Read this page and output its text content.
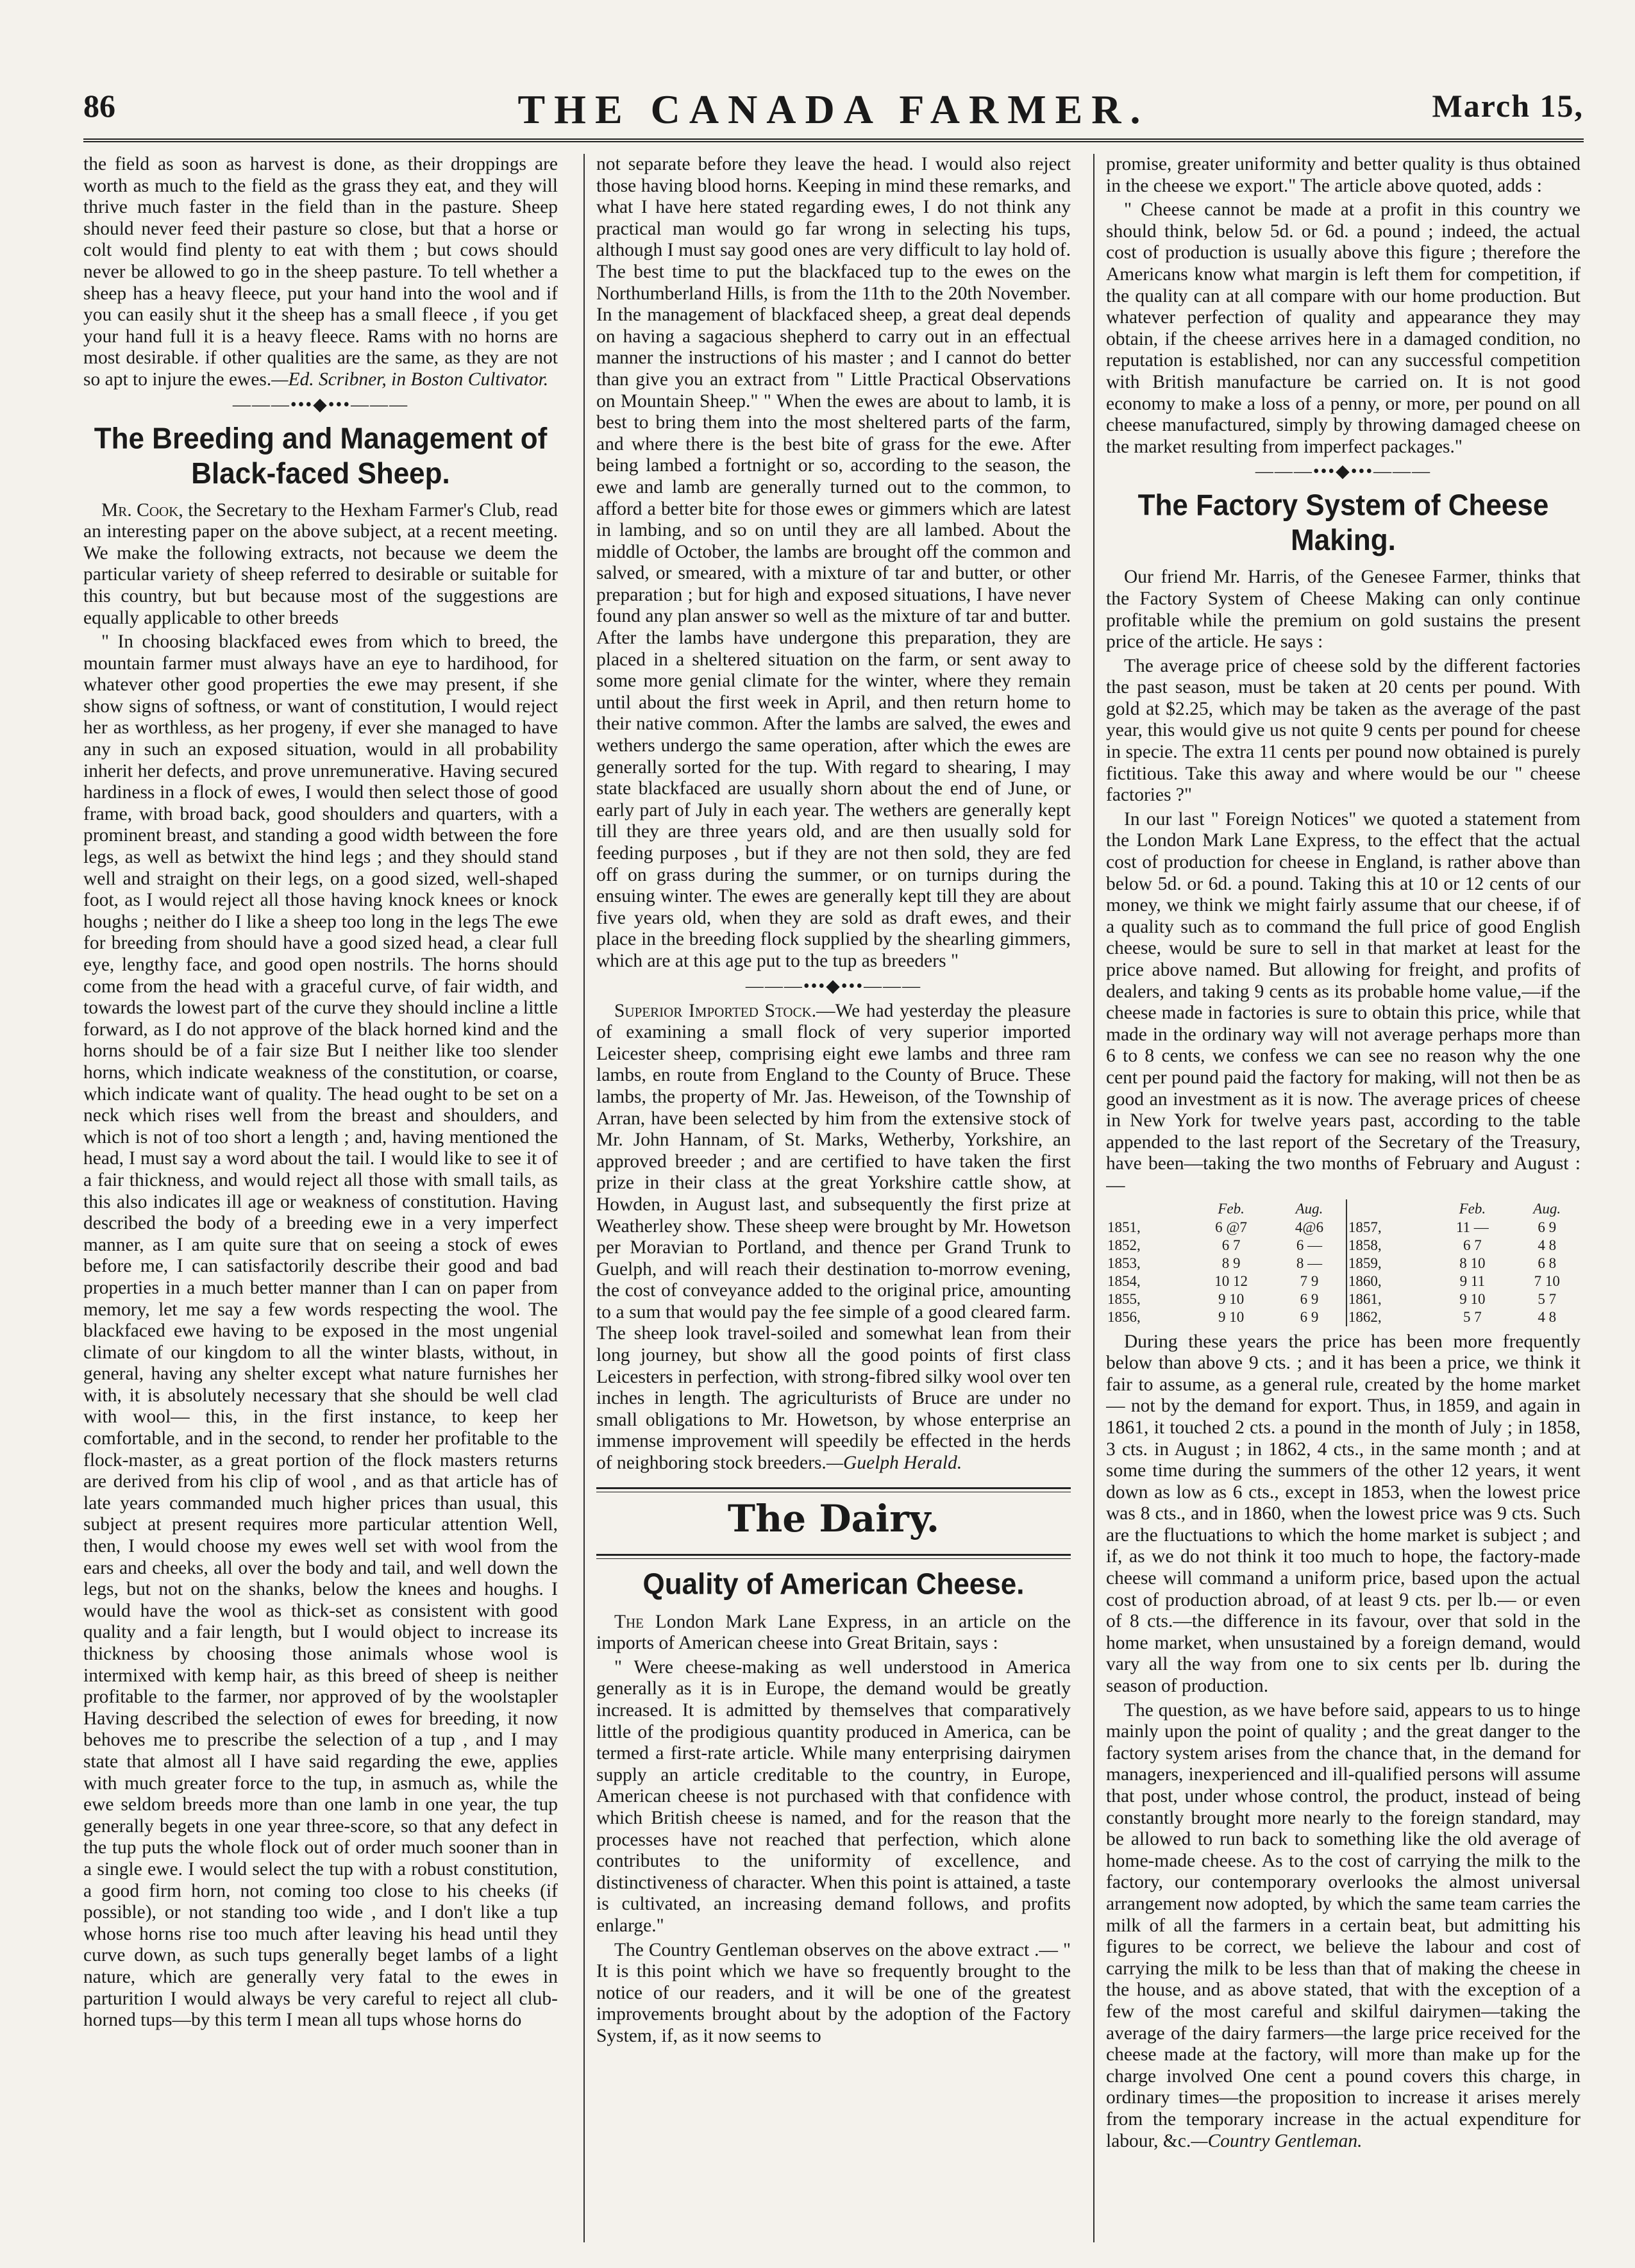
86	THE CANADA FARMER.	March 15,

the field as soon as harvest is done, as their droppings are worth as much to the field as the grass they eat, and they will thrive much faster in the field than in the pasture. Sheep should never feed their pasture so close, but that a horse or colt would find plenty to eat with them ; but cows should never be allowed to go in the sheep pasture. To tell whether a sheep has a heavy fleece, put your hand into the wool and if you can easily shut it the sheep has a small fleece , if you get your hand full it is a heavy fleece. Rams with no horns are most desirable. if other qualities are the same, as they are not so apt to injure the ewes.—Ed. Scribner, in Boston Cultivator.

———•••◆•••———
The Breeding and Management of Black-faced Sheep.

Mr. Cook, the Secretary to the Hexham Farmer's Club, read an interesting paper on the above subject, at a recent meeting. We make the following extracts, not because we deem the particular variety of sheep referred to desirable or suitable for this country, but but because most of the suggestions are equally applicable to other breeds

" In choosing blackfaced ewes from which to breed, the mountain farmer must always have an eye to hardihood, for whatever other good properties the ewe may present, if she show signs of softness, or want of constitution, I would reject her as worthless, as her progeny, if ever she managed to have any in such an exposed situation, would in all probability inherit her defects, and prove unremunerative. Having secured hardiness in a flock of ewes, I would then select those of good frame, with broad back, good shoulders and quarters, with a prominent breast, and standing a good width between the fore legs, as well as betwixt the hind legs ; and they should stand well and straight on their legs, on a good sized, well-shaped foot, as I would reject all those having knock knees or knock houghs ; neither do I like a sheep too long in the legs The ewe for breeding from should have a good sized head, a clear full eye, lengthy face, and good open nostrils. The horns should come from the head with a graceful curve, of fair width, and towards the lowest part of the curve they should incline a little forward, as I do not approve of the black horned kind and the horns should be of a fair size But I neither like too slender horns, which indicate weakness of the constitution, or coarse, which indicate want of quality. The head ought to be set on a neck which rises well from the breast and shoulders, and which is not of too short a length ; and, having mentioned the head, I must say a word about the tail. I would like to see it of a fair thickness, and would reject all those with small tails, as this also indicates ill age or weakness of constitution. Having described the body of a breeding ewe in a very imperfect manner, as I am quite sure that on seeing a stock of ewes before me, I can satisfactorily describe their good and bad properties in a much better manner than I can on paper from memory, let me say a few words respecting the wool. The blackfaced ewe having to be exposed in the most ungenial climate of our kingdom to all the winter blasts, without, in general, having any shelter except what nature furnishes her with, it is absolutely necessary that she should be well clad with wool— this, in the first instance, to keep her comfortable, and in the second, to render her profitable to the flock-master, as a great portion of the flock masters returns are derived from his clip of wool , and as that article has of late years commanded much higher prices than usual, this subject at present requires more particular attention Well, then, I would choose my ewes well set with wool from the ears and cheeks, all over the body and tail, and well down the legs, but not on the shanks, below the knees and houghs. I would have the wool as thick-set as consistent with good quality and a fair length, but I would object to increase its thickness by choosing those animals whose wool is intermixed with kemp hair, as this breed of sheep is neither profitable to the farmer, nor approved of by the woolstapler Having described the selection of ewes for breeding, it now behoves me to prescribe the selection of a tup , and I may state that almost all I have said regarding the ewe, applies with much greater force to the tup, in asmuch as, while the ewe seldom breeds more than one lamb in one year, the tup generally begets in one year three-score, so that any defect in the tup puts the whole flock out of order much sooner than in a single ewe. I would select the tup with a robust constitution, a good firm horn, not coming too close to his cheeks (if possible), or not standing too wide , and I don't like a tup whose horns rise too much after leaving his head until they curve down, as such tups generally beget lambs of a light nature, which are generally very fatal to the ewes in parturition I would always be very careful to reject all club-horned tups—by this term I mean all tups whose horns do

not separate before they leave the head. I would also reject those having blood horns. Keeping in mind these remarks, and what I have here stated regarding ewes, I do not think any practical man would go far wrong in selecting his tups, although I must say good ones are very difficult to lay hold of. The best time to put the blackfaced tup to the ewes on the Northumberland Hills, is from the 11th to the 20th November. In the management of blackfaced sheep, a great deal depends on having a sagacious shepherd to carry out in an effectual manner the instructions of his master ; and I cannot do better than give you an extract from " Little Practical Observations on Mountain Sheep." " When the ewes are about to lamb, it is best to bring them into the most sheltered parts of the farm, and where there is the best bite of grass for the ewe. After being lambed a fortnight or so, according to the season, the ewe and lamb are generally turned out to the common, to afford a better bite for those ewes or gimmers which are latest in lambing, and so on until they are all lambed. About the middle of October, the lambs are brought off the common and salved, or smeared, with a mixture of tar and butter, or other preparation ; but for high and exposed situations, I have never found any plan answer so well as the mixture of tar and butter. After the lambs have undergone this preparation, they are placed in a sheltered situation on the farm, or sent away to some more genial climate for the winter, where they remain until about the first week in April, and then return home to their native common. After the lambs are salved, the ewes and wethers undergo the same operation, after which the ewes are generally sorted for the tup. With regard to shearing, I may state blackfaced are usually shorn about the end of June, or early part of July in each year. The wethers are generally kept till they are three years old, and are then usually sold for feeding purposes , but if they are not then sold, they are fed off on grass during the summer, or on turnips during the ensuing winter. The ewes are generally kept till they are about five years old, when they are sold as draft ewes, and their place in the breeding flock supplied by the shearling gimmers, which are at this age put to the tup as breeders "

———•••◆•••———

Superior Imported Stock.—We had yesterday the pleasure of examining a small flock of very superior imported Leicester sheep, comprising eight ewe lambs and three ram lambs, en route from England to the County of Bruce. These lambs, the property of Mr. Jas. Heweison, of the Township of Arran, have been selected by him from the extensive stock of Mr. John Hannam, of St. Marks, Wetherby, Yorkshire, an approved breeder ; and are certified to have taken the first prize in their class at the great Yorkshire cattle show, at Howden, in August last, and subsequently the first prize at Weatherley show. These sheep were brought by Mr. Howetson per Moravian to Portland, and thence per Grand Trunk to Guelph, and will reach their destination to-morrow evening, the cost of conveyance added to the original price, amounting to a sum that would pay the fee simple of a good cleared farm. The sheep look travel-soiled and somewhat lean from their long journey, but show all the good points of first class Leicesters in perfection, with strong-fibred silky wool over ten inches in length. The agriculturists of Bruce are under no small obligations to Mr. Howetson, by whose enterprise an immense improvement will speedily be effected in the herds of neighboring stock breeders.—Guelph Herald.

The Dairy.
Quality of American Cheese.

The London Mark Lane Express, in an article on the imports of American cheese into Great Britain, says :

" Were cheese-making as well understood in America generally as it is in Europe, the demand would be greatly increased. It is admitted by themselves that comparatively little of the prodigious quantity produced in America, can be termed a first-rate article. While many enterprising dairymen supply an article creditable to the country, in Europe, American cheese is not purchased with that confidence with which British cheese is named, and for the reason that the processes have not reached that perfection, which alone contributes to the uniformity of excellence, and distinctiveness of character. When this point is attained, a taste is cultivated, an increasing demand follows, and profits enlarge."

The Country Gentleman observes on the above extract .— " It is this point which we have so frequently brought to the notice of our readers, and it will be one of the greatest improvements brought about by the adoption of the Factory System, if, as it now seems to

promise, greater uniformity and better quality is thus obtained in the cheese we export." The article above quoted, adds :

" Cheese cannot be made at a profit in this country we should think, below 5d. or 6d. a pound ; indeed, the actual cost of production is usually above this figure ; therefore the Americans know what margin is left them for competition, if the quality can at all compare with our home production. But whatever perfection of quality and appearance they may obtain, if the cheese arrives here in a damaged condition, no reputation is established, nor can any successful competition with British manufacture be carried on. It is not good economy to make a loss of a penny, or more, per pound on all cheese manufactured, simply by throwing damaged cheese on the market resulting from imperfect packages."

———•••◆•••———
The Factory System of Cheese Making.

Our friend Mr. Harris, of the Genesee Farmer, thinks that the Factory System of Cheese Making can only continue profitable while the premium on gold sustains the present price of the article. He says :

The average price of cheese sold by the different factories the past season, must be taken at 20 cents per pound. With gold at $2.25, which may be taken as the average of the past year, this would give us not quite 9 cents per pound for cheese in specie. The extra 11 cents per pound now obtained is purely fictitious. Take this away and where would be our " cheese factories ?"

In our last " Foreign Notices" we quoted a statement from the London Mark Lane Express, to the effect that the actual cost of production for cheese in England, is rather above than below 5d. or 6d. a pound. Taking this at 10 or 12 cents of our money, we think we might fairly assume that our cheese, if of a quality such as to command the full price of good English cheese, would be sure to sell in that market at least for the price above named. But allowing for freight, and profits of dealers, and taking 9 cents as its probable home value,—if the cheese made in factories is sure to obtain this price, while that made in the ordinary way will not average perhaps more than 6 to 8 cents, we confess we can see no reason why the one cent per pound paid the factory for making, will not then be as good an investment as it is now. The average prices of cheese in New York for twelve years past, according to the table appended to the last report of the Secretary of the Treasury, have been—taking the two months of February and August :—

	Feb.	Aug.		Feb.	Aug.
1851,	6 @7	4@6	1857,	11 —	6 9
1852,	6 7	6 —	1858,	6 7	4 8
1853,	8 9	8 —	1859,	8 10	6 8
1854,	10 12	7 9	1860,	9 11	7 10
1855,	9 10	6 9	1861,	9 10	5 7
1856,	9 10	6 9	1862,	5 7	4 8

During these years the price has been more frequently below than above 9 cts. ; and it has been a price, we think it fair to assume, as a general rule, created by the home market— not by the demand for export. Thus, in 1859, and again in 1861, it touched 2 cts. a pound in the month of July ; in 1858, 3 cts. in August ; in 1862, 4 cts., in the same month ; and at some time during the summers of the other 12 years, it went down as low as 6 cts., except in 1853, when the lowest price was 8 cts., and in 1860, when the lowest price was 9 cts. Such are the fluctuations to which the home market is subject ; and if, as we do not think it too much to hope, the factory-made cheese will command a uniform price, based upon the actual cost of production abroad, of at least 9 cts. per lb.— or even of 8 cts.—the difference in its favour, over that sold in the home market, when unsustained by a foreign demand, would vary all the way from one to six cents per lb. during the season of production.

The question, as we have before said, appears to us to hinge mainly upon the point of quality ; and the great danger to the factory system arises from the chance that, in the demand for managers, inexperienced and ill-qualified persons will assume that post, under whose control, the product, instead of being constantly brought more nearly to the foreign standard, may be allowed to run back to something like the old average of home-made cheese. As to the cost of carrying the milk to the factory, our contemporary overlooks the almost universal arrangement now adopted, by which the same team carries the milk of all the farmers in a certain beat, but admitting his figures to be correct, we believe the labour and cost of carrying the milk to be less than that of making the cheese in the house, and as above stated, that with the exception of a few of the most careful and skilful dairymen—taking the average of the dairy farmers—the large price received for the cheese made at the factory, will more than make up for the charge involved One cent a pound covers this charge, in ordinary times—the proposition to increase it arises merely from the temporary increase in the actual expenditure for labour, &c.—Country Gentleman.
